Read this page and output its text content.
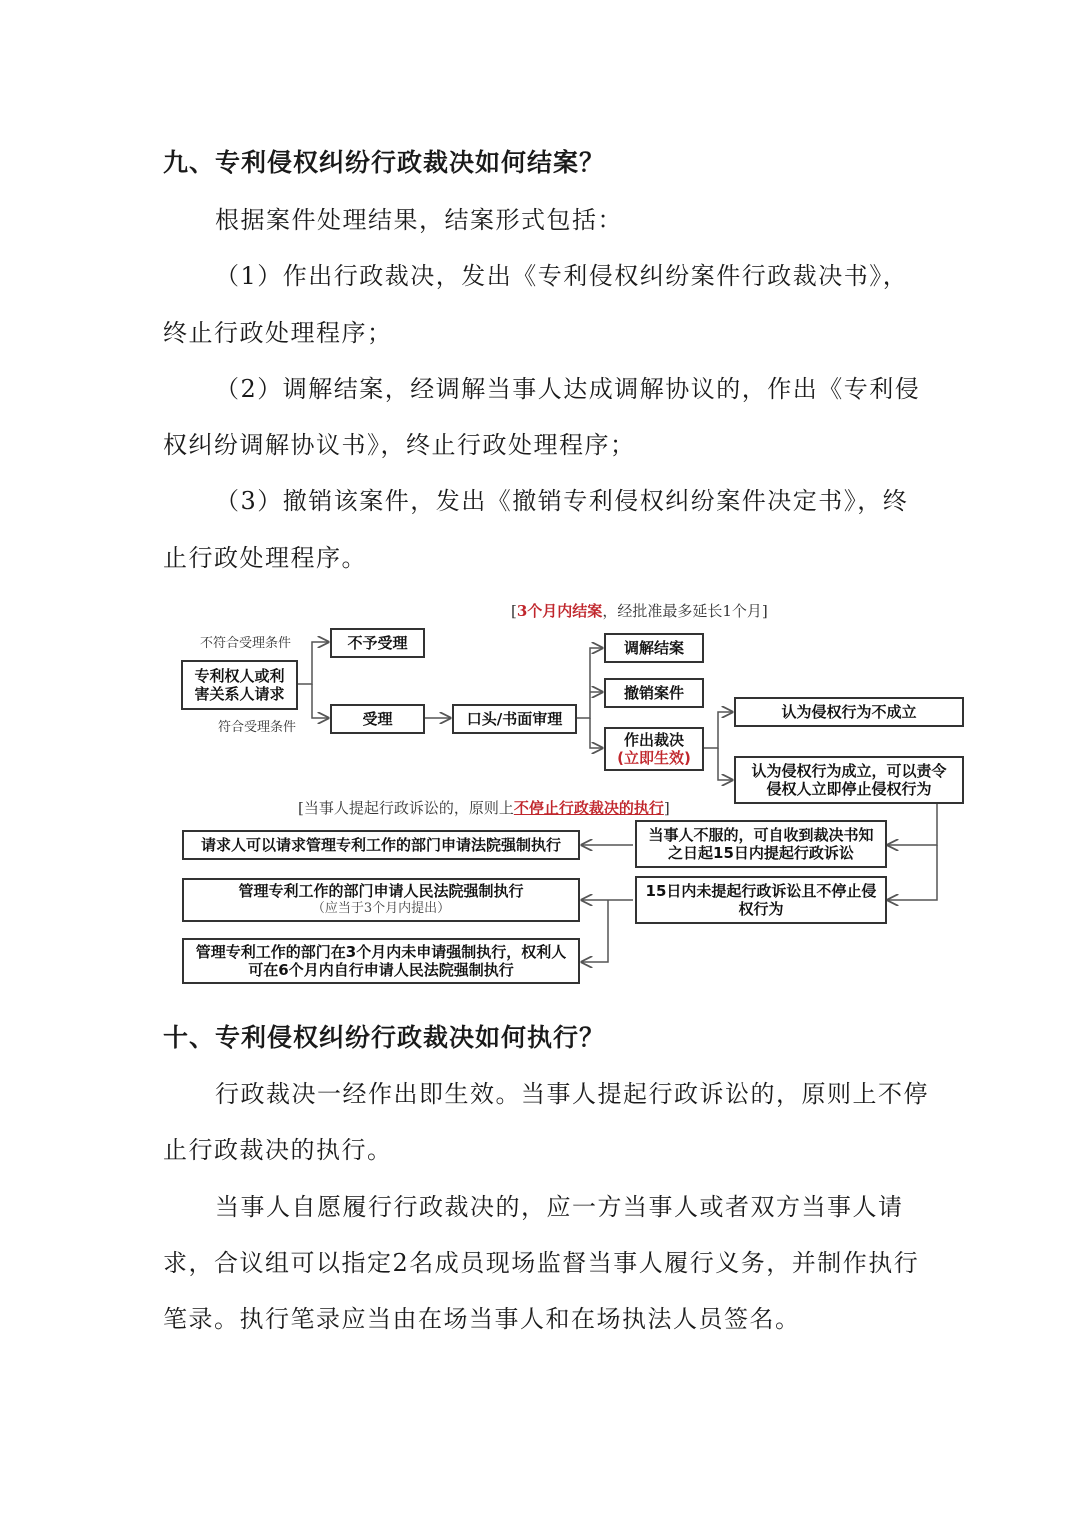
九、专利侵权纠纷行政裁决如何结案？
根据案件处理结果，结案形式包括：
（1）作出行政裁决，发出《专利侵权纠纷案件行政裁决书》，
终止行政处理程序；
（2）调解结案，经调解当事人达成调解协议的，作出《专利侵
权纠纷调解协议书》，终止行政处理程序；
（3）撤销该案件，发出《撤销专利侵权纠纷案件决定书》，终
止行政处理程序。
[3个月内结案，经批准最多延长1个月]
不符合受理条件
符合受理条件
专利权人或利
害关系人请求
不予受理
受理	口头/书面审理
调解结案
撤销案件
作出裁决
(立即生效)
认为侵权行为不成立
认为侵权行为成立，可以责令
侵权人立即停止侵权行为
[当事人提起行政诉讼的，原则上不停止行政裁决的执行]
当事人不服的，可自收到裁决书知
之日起15日内提起行政诉讼
15日内未提起行政诉讼且不停止侵
权行为
请求人可以请求管理专利工作的部门申请法院强制执行
管理专利工作的部门申请人民法院强制执行
（应当于3个月内提出）
管理专利工作的部门在3个月内未申请强制执行，权利人
可在6个月内自行申请人民法院强制执行
十、专利侵权纠纷行政裁决如何执行？
行政裁决一经作出即生效。当事人提起行政诉讼的，原则上不停
止行政裁决的执行。
当事人自愿履行行政裁决的，应一方当事人或者双方当事人请
求，合议组可以指定2名成员现场监督当事人履行义务，并制作执行
笔录。执行笔录应当由在场当事人和在场执法人员签名。
